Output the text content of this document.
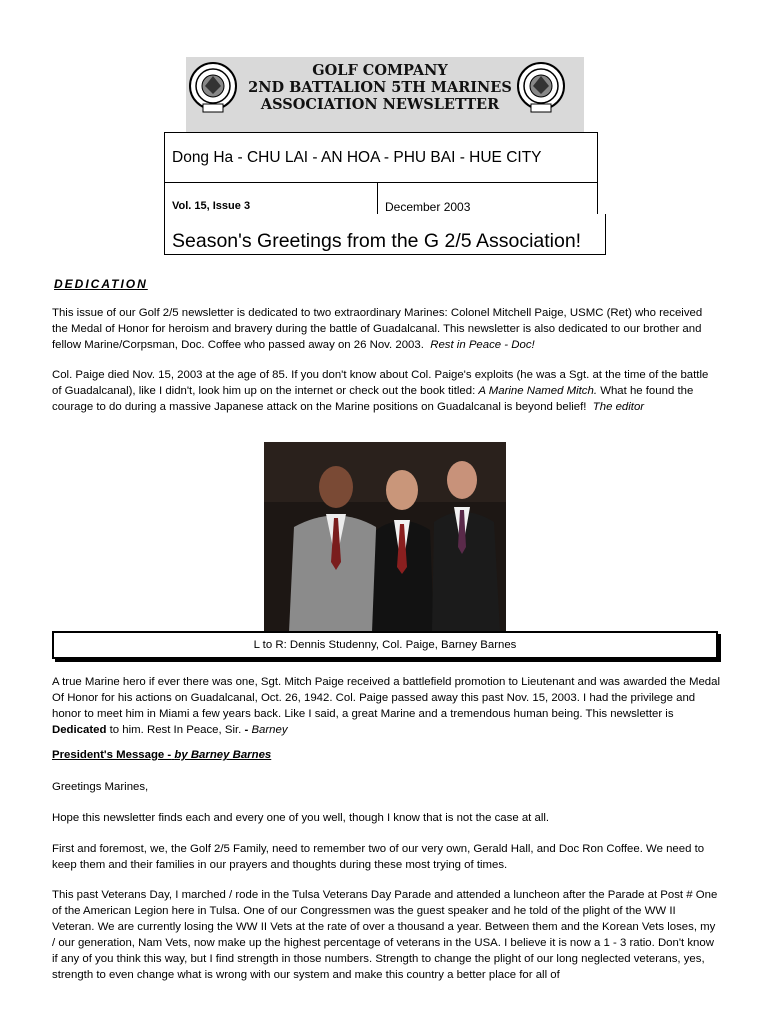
GOLF COMPANY
2ND BATTALION 5TH MARINES
ASSOCIATION NEWSLETTER
Dong Ha - CHU LAI - AN HOA - PHU BAI - HUE CITY
Vol. 15, Issue 3	December 2003
Season's Greetings from the G 2/5 Association!
DEDICATION
This issue of our Golf 2/5 newsletter is dedicated to two extraordinary Marines: Colonel Mitchell Paige, USMC (Ret) who received the Medal of Honor for heroism and bravery during the battle of Guadalcanal. This newsletter is also dedicated to our brother and fellow Marine/Corpsman, Doc. Coffee who passed away on 26 Nov. 2003. Rest in Peace - Doc!
Col. Paige died Nov. 15, 2003 at the age of 85. If you don't know about Col. Paige's exploits (he was a Sgt. at the time of the battle of Guadalcanal), like I didn't, look him up on the internet or check out the book titled: A Marine Named Mitch. What he found the courage to do during a massive Japanese attack on the Marine positions on Guadalcanal is beyond belief! The editor
L to R: Dennis Studenny, Col. Paige, Barney Barnes
A true Marine hero if ever there was one, Sgt. Mitch Paige received a battlefield promotion to Lieutenant and was awarded the Medal Of Honor for his actions on Guadalcanal, Oct. 26, 1942. Col. Paige passed away this past Nov. 15, 2003. I had the privilege and honor to meet him in Miami a few years back. Like I said, a great Marine and a tremendous human being. This newsletter is Dedicated to him. Rest In Peace, Sir. - Barney
President's Message - by Barney Barnes
Greetings Marines,
Hope this newsletter finds each and every one of you well, though I know that is not the case at all.
First and foremost, we, the Golf 2/5 Family, need to remember two of our very own, Gerald Hall, and Doc Ron Coffee. We need to keep them and their families in our prayers and thoughts during these most trying of times.
This past Veterans Day, I marched / rode in the Tulsa Veterans Day Parade and attended a luncheon after the Parade at Post # One of the American Legion here in Tulsa. One of our Congressmen was the guest speaker and he told of the plight of the WW II Veteran. We are currently losing the WW II Vets at the rate of over a thousand a year. Between them and the Korean Vets loses, my / our generation, Nam Vets, now make up the highest percentage of veterans in the USA. I believe it is now a 1 - 3 ratio. Don't know if any of you think this way, but I find strength in those numbers. Strength to change the plight of our long neglected veterans, yes, strength to even change what is wrong with our system and make this country a better place for all of
